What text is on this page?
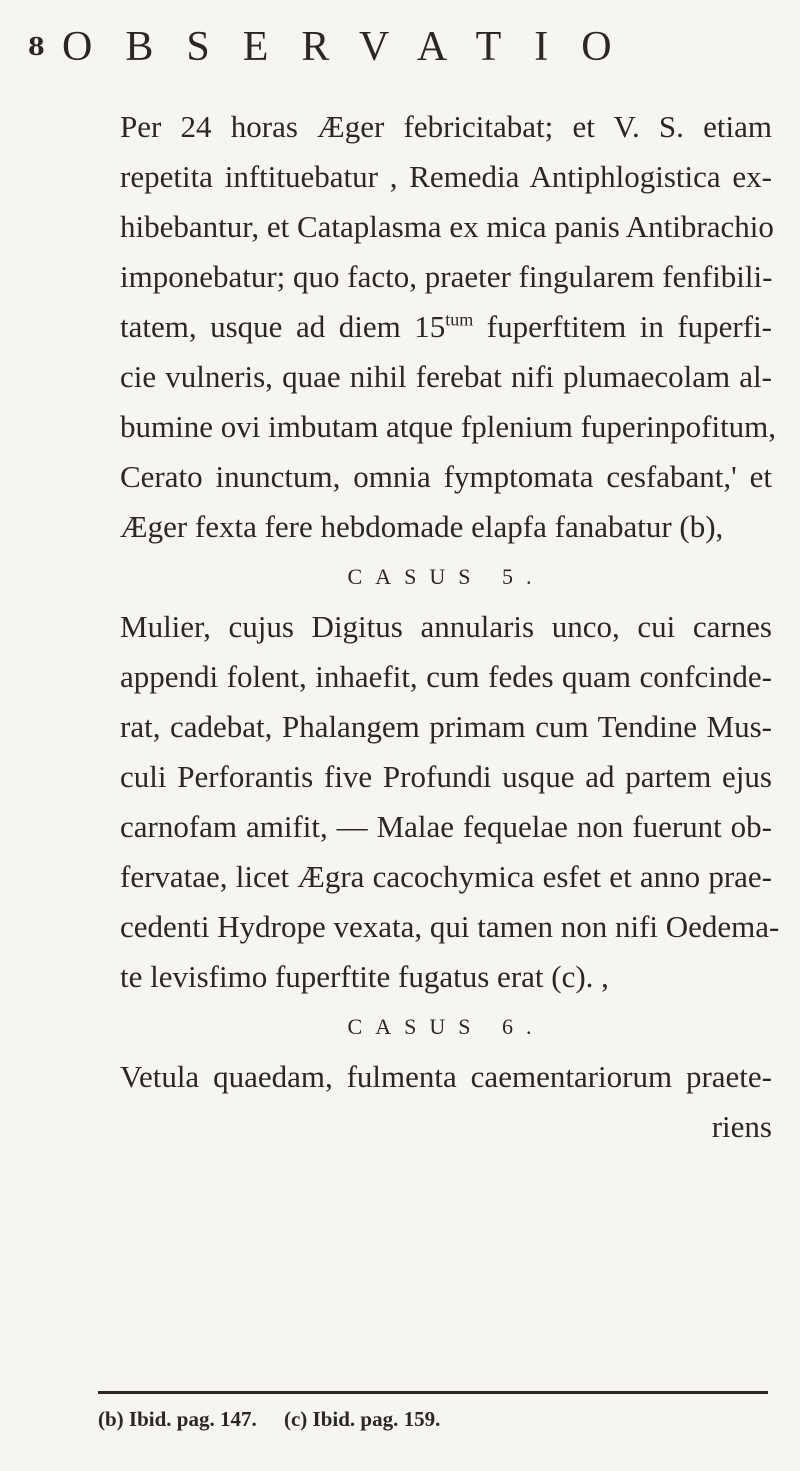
8 OBSERVATIO
Per 24 horas Æger febricitabat; et V. S. etiam
repetita inftituebatur , Remedia Antiphlogistica ex-
hibebantur, et Cataplasma ex mica panis Antibrachio
imponebatur; quo facto, praeter fingularem fenfibili-
tatem, usque ad diem $15^{tum}$ fuperftitem in fuperfi-
cie vulneris, quae nihil ferebat nifi plumaecolam al-
bumine ovi imbutam atque fplenium fuperinpofitum,
Cerato inunctum, omnia fymptomata cesfabant,' et
Æger fexta fere hebdomade elapfa fanabatur (b),
CASUS 5.
Mulier, cujus Digitus annularis unco, cui carnes
appendi folent, inhaefit, cum fedes quam confcinde-
rat, cadebat, Phalangem primam cum Tendine Mus-
culi Perforantis five Profundi usque ad partem ejus
carnofam amifit, — Malae fequelae non fuerunt ob-
fervatae, licet Ægra cacochymica esfet et anno prae-
cedenti Hydrope vexata, qui tamen non nifi Oedema-
te levisfimo fuperftite fugatus erat (c). ,
CASUS 6.
Vetula quaedam, fulmenta caementariorum praete-
riens
(b) Ibid. pag. 147. (c) Ibid. pag. 159.
